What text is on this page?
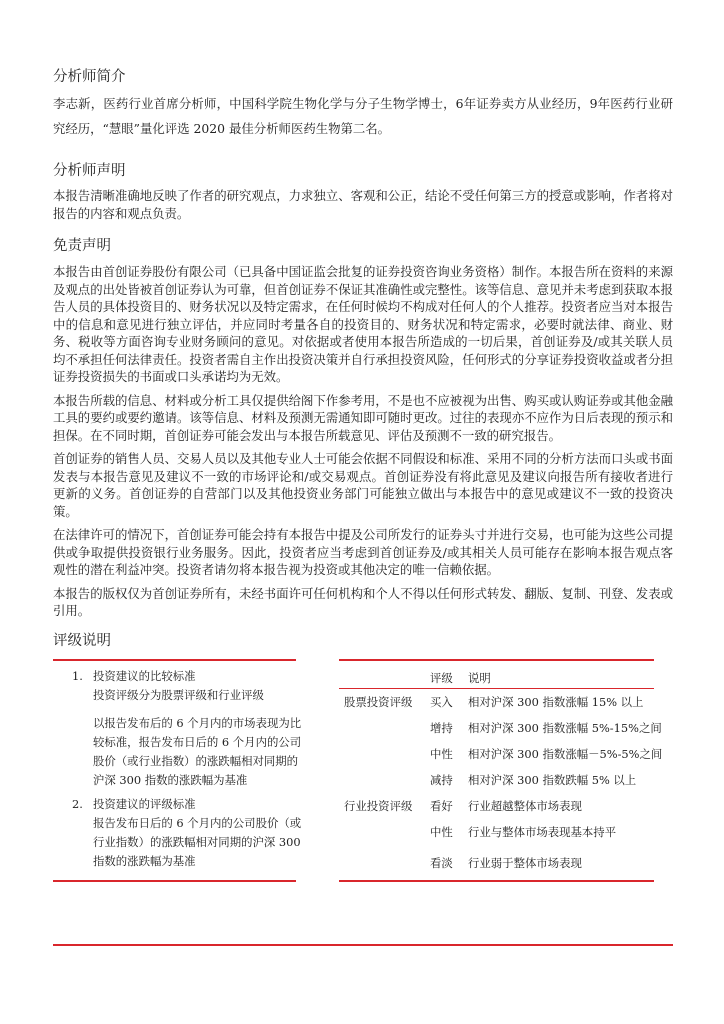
分析师简介

李志新，医药行业首席分析师，中国科学院生物化学与分子生物学博士，6年证券卖方从业经历，9年医药行业研究经历，“慧眼”量化评选 2020 最佳分析师医药生物第二名。

分析师声明

本报告清晰准确地反映了作者的研究观点，力求独立、客观和公正，结论不受任何第三方的授意或影响，作者将对报告的内容和观点负责。

免责声明

本报告由首创证券股份有限公司（已具备中国证监会批复的证券投资咨询业务资格）制作。本报告所在资料的来源及观点的出处皆被首创证券认为可靠，但首创证券不保证其准确性或完整性。该等信息、意见并未考虑到获取本报告人员的具体投资目的、财务状况以及特定需求，在任何时候均不构成对任何人的个人推荐。投资者应当对本报告中的信息和意见进行独立评估，并应同时考量各自的投资目的、财务状况和特定需求，必要时就法律、商业、财务、税收等方面咨询专业财务顾问的意见。对依据或者使用本报告所造成的一切后果，首创证券及/或其关联人员均不承担任何法律责任。投资者需自主作出投资决策并自行承担投资风险，任何形式的分享证券投资收益或者分担证券投资损失的书面或口头承诺均为无效。

本报告所载的信息、材料或分析工具仅提供给阁下作参考用，不是也不应被视为出售、购买或认购证券或其他金融工具的要约或要约邀请。该等信息、材料及预测无需通知即可随时更改。过往的表现亦不应作为日后表现的预示和担保。在不同时期，首创证券可能会发出与本报告所载意见、评估及预测不一致的研究报告。

首创证券的销售人员、交易人员以及其他专业人士可能会依据不同假设和标准、采用不同的分析方法而口头或书面发表与本报告意见及建议不一致的市场评论和/或交易观点。首创证券没有将此意见及建议向报告所有接收者进行更新的义务。首创证券的自营部门以及其他投资业务部门可能独立做出与本报告中的意见或建议不一致的投资决策。

在法律许可的情况下，首创证券可能会持有本报告中提及公司所发行的证券头寸并进行交易，也可能为这些公司提供或争取提供投资银行业务服务。因此，投资者应当考虑到首创证券及/或其相关人员可能存在影响本报告观点客观性的潜在利益冲突。投资者请勿将本报告视为投资或其他决定的唯一信赖依据。

本报告的版权仅为首创证券所有，未经书面许可任何机构和个人不得以任何形式转发、翻版、复制、刊登、发表或引用。

评级说明
1. 投资建议的比较标准
投资评级分为股票评级和行业评级
以报告发布后的 6 个月内的市场表现为比
较标准，报告发布日后的 6 个月内的公司
股价（或行业指数）的涨跌幅相对同期的
沪深 300 指数的涨跌幅为基准
2. 投资建议的评级标准
报告发布日后的 6 个月内的公司股价（或
行业指数）的涨跌幅相对同期的沪深 300
指数的涨跌幅为基准
评级 说明
股票投资评级 买入 相对沪深 300 指数涨幅 15% 以上
增持 相对沪深 300 指数涨幅 5%-15%之间
中性 相对沪深 300 指数涨幅－5%-5%之间
减持 相对沪深 300 指数跌幅 5% 以上
行业投资评级 看好 行业超越整体市场表现
中性 行业与整体市场表现基本持平
看淡 行业弱于整体市场表现
